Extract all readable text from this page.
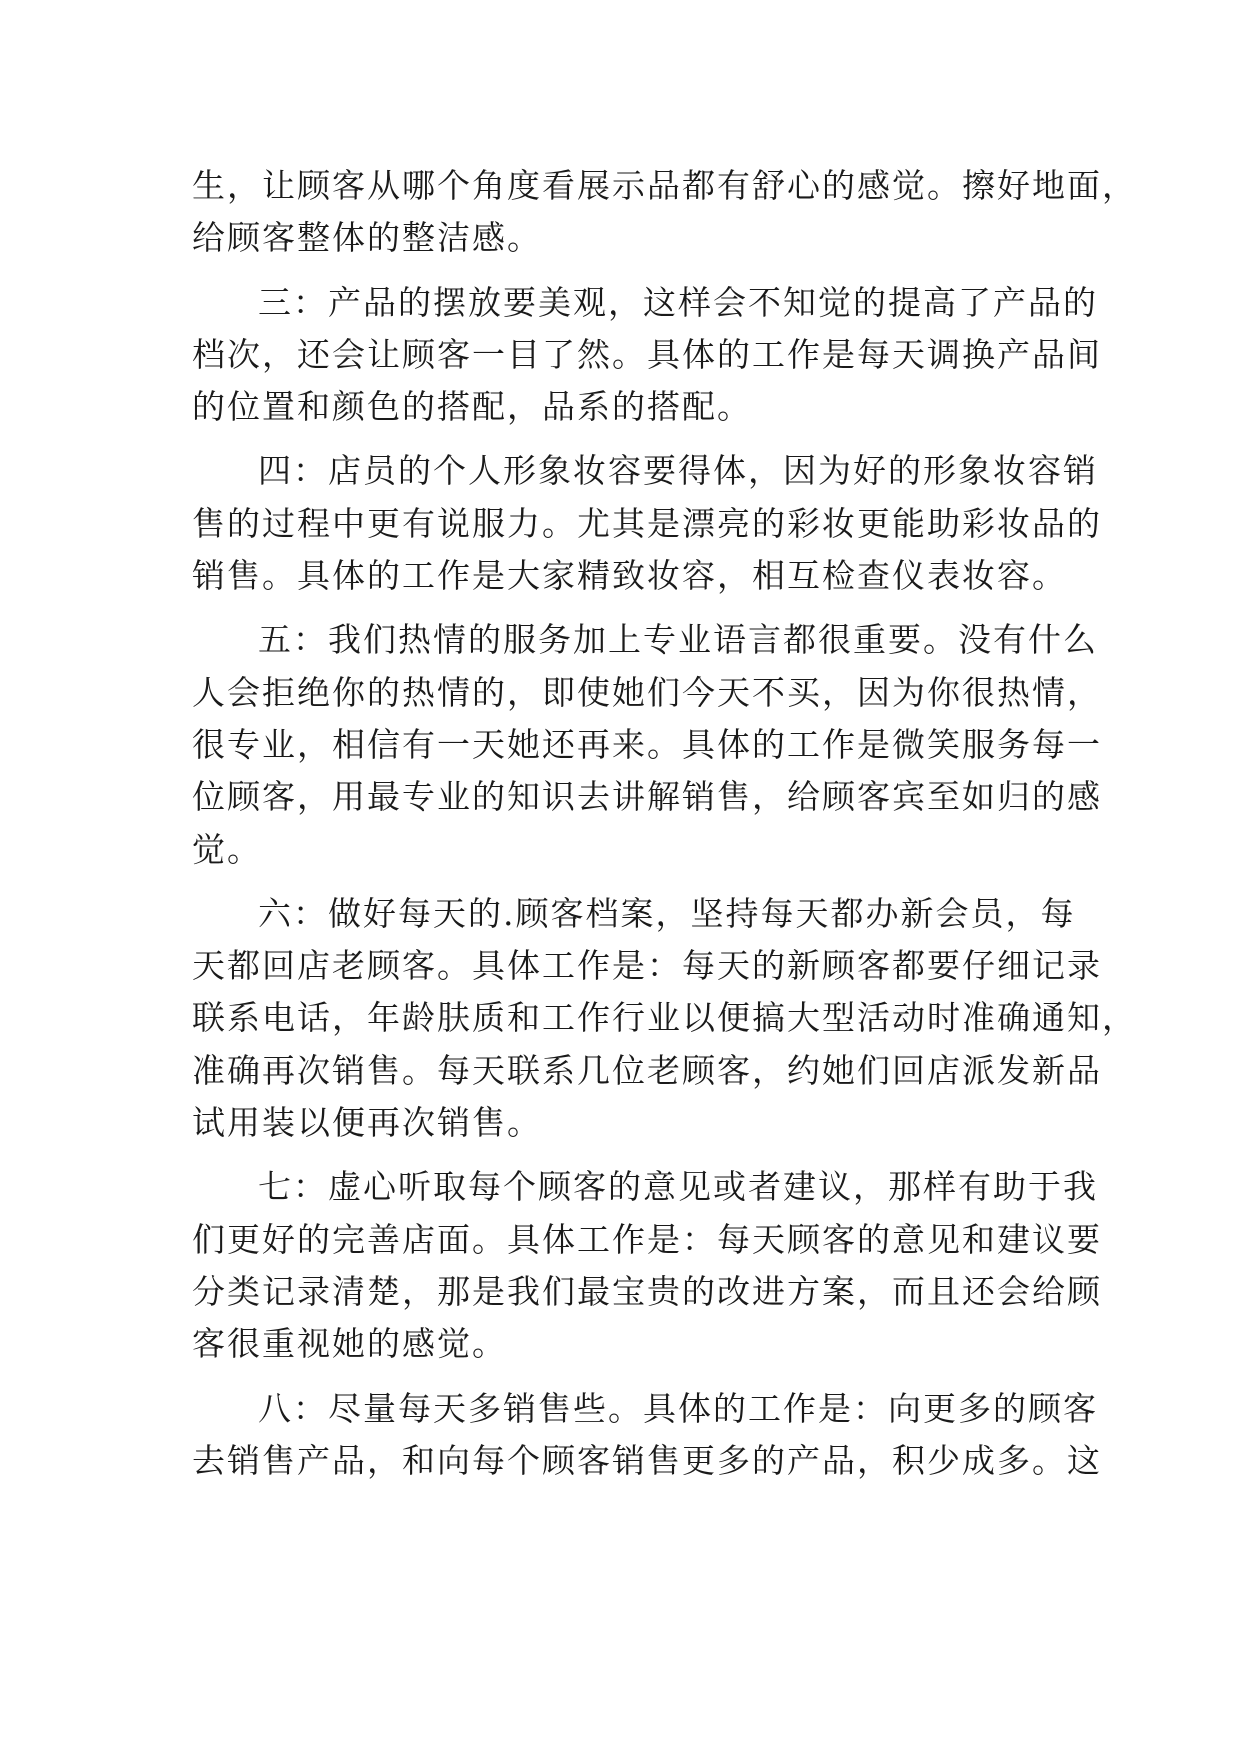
生，让顾客从哪个角度看展示品都有舒心的感觉。擦好地面，
给顾客整体的整洁感。
三：产品的摆放要美观，这样会不知觉的提高了产品的
档次，还会让顾客一目了然。具体的工作是每天调换产品间
的位置和颜色的搭配，品系的搭配。
四：店员的个人形象妆容要得体，因为好的形象妆容销
售的过程中更有说服力。尤其是漂亮的彩妆更能助彩妆品的
销售。具体的工作是大家精致妆容，相互检查仪表妆容。
五：我们热情的服务加上专业语言都很重要。没有什么
人会拒绝你的热情的，即使她们今天不买，因为你很热情，
很专业，相信有一天她还再来。具体的工作是微笑服务每一
位顾客，用最专业的知识去讲解销售，给顾客宾至如归的感
觉。
六：做好每天的.顾客档案，坚持每天都办新会员，每
天都回店老顾客。具体工作是：每天的新顾客都要仔细记录
联系电话，年龄肤质和工作行业以便搞大型活动时准确通知，
准确再次销售。每天联系几位老顾客，约她们回店派发新品
试用装以便再次销售。
七：虚心听取每个顾客的意见或者建议，那样有助于我
们更好的完善店面。具体工作是：每天顾客的意见和建议要
分类记录清楚，那是我们最宝贵的改进方案，而且还会给顾
客很重视她的感觉。
八：尽量每天多销售些。具体的工作是：向更多的顾客
去销售产品，和向每个顾客销售更多的产品，积少成多。这
